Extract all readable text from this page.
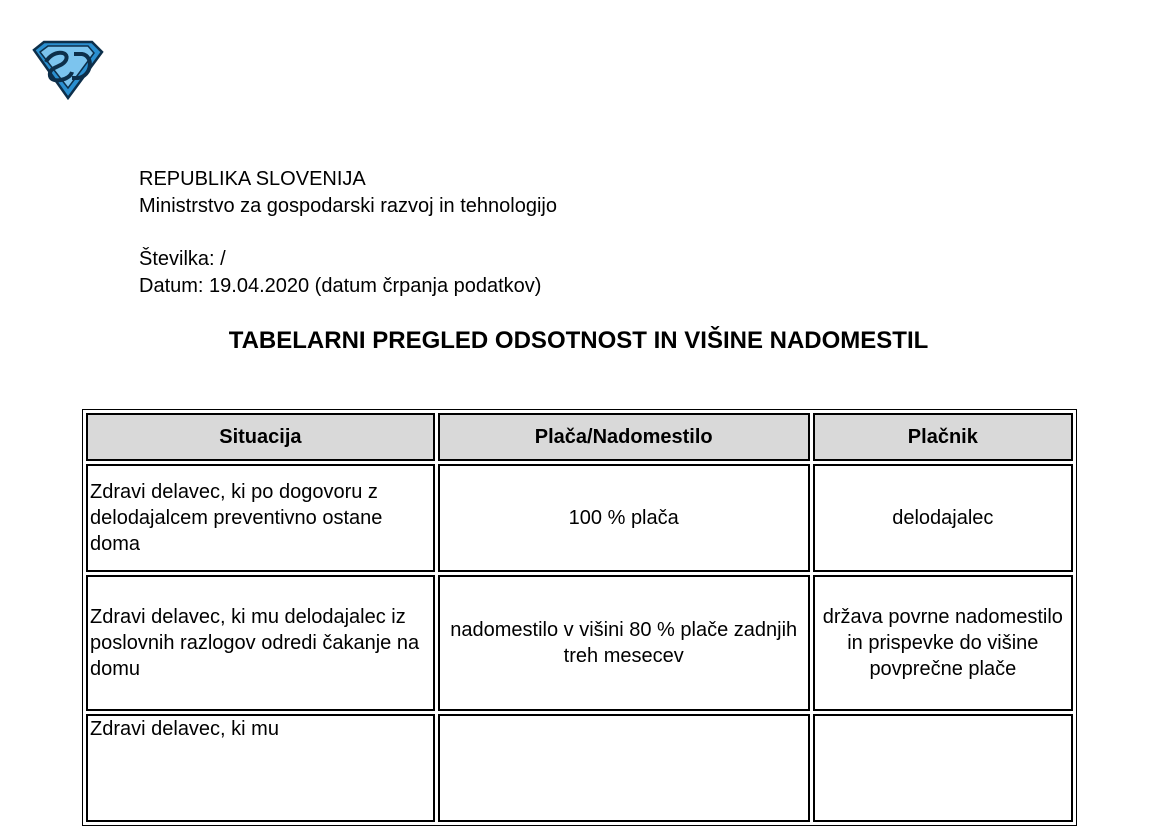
REPUBLIKA SLOVENIJA
Ministrstvo za gospodarski razvoj in tehnologijo
Številka: /
Datum: 19.04.2020 (datum črpanja podatkov)
TABELARNI PREGLED ODSOTNOST IN VIŠINE NADOMESTIL
Situacija	Plača/Nadomestilo	Plačnik
Zdravi delavec, ki po dogovoru z delodajalcem preventivno ostane doma	100 % plača	delodajalec
Zdravi delavec, ki mu delodajalec iz poslovnih razlogov odredi čakanje na domu	nadomestilo v višini 80 % plače zadnjih treh mesecev	država povrne nadomestilo in prispevke do višine povprečne plače
Zdravi delavec, ki mu		
